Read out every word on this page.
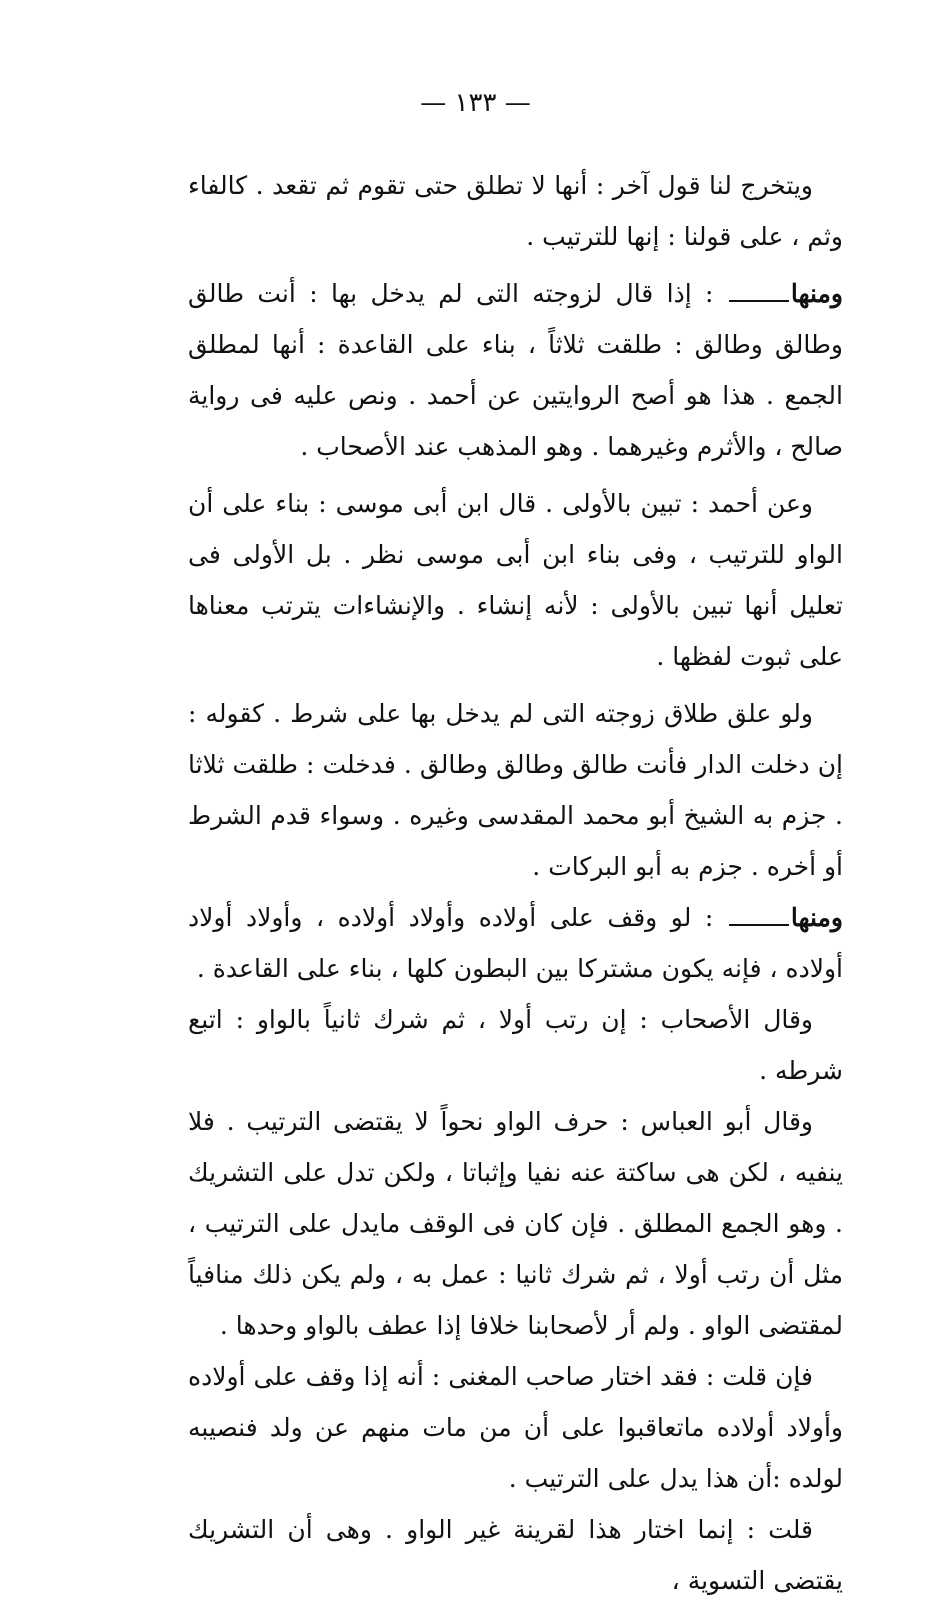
— ١٣٣ —

ويتخرج لنا قول آخر : أنها لا تطلق حتى تقوم ثم تقعد . كالفاء وثم ، على قولنا : إنها للترتيب .

ومنها : إذا قال لزوجته التى لم يدخل بها : أنت طالق وطالق وطالق : طلقت ثلاثاً ، بناء على القاعدة : أنها لمطلق الجمع . هذا هو أصح الروايتين عن أحمد . ونص عليه فى رواية صالح ، والأثرم وغيرهما . وهو المذهب عند الأصحاب .

وعن أحمد : تبين بالأولى . قال ابن أبى موسى : بناء على أن الواو للترتيب ، وفى بناء ابن أبى موسى نظر . بل الأولى فى تعليل أنها تبين بالأولى : لأنه إنشاء . والإنشاءات يترتب معناها على ثبوت لفظها .

ولو علق طلاق زوجته التى لم يدخل بها على شرط . كقوله : إن دخلت الدار فأنت طالق وطالق وطالق . فدخلت : طلقت ثلاثا . جزم به الشيخ أبو محمد المقدسى وغيره . وسواء قدم الشرط أو أخره . جزم به أبو البركات .

ومنها : لو وقف على أولاده وأولاد أولاده ، وأولاد أولاد أولاده ، فإنه يكون مشتركا بين البطون كلها ، بناء على القاعدة .

وقال الأصحاب : إن رتب أولا ، ثم شرك ثانياً بالواو : اتبع شرطه .

وقال أبو العباس : حرف الواو نحواً لا يقتضى الترتيب . فلا ينفيه ، لكن هى ساكتة عنه نفيا وإثباتا ، ولكن تدل على التشريك . وهو الجمع المطلق . فإن كان فى الوقف مايدل على الترتيب ، مثل أن رتب أولا ، ثم شرك ثانيا : عمل به ، ولم يكن ذلك منافياً لمقتضى الواو . ولم أر لأصحابنا خلافا إذا عطف بالواو وحدها .

فإن قلت : فقد اختار صاحب المغنى : أنه إذا وقف على أولاده وأولاد أولاده ماتعاقبوا على أن من مات منهم عن ولد فنصيبه لولده :أن هذا يدل على الترتيب .

قلت : إنما اختار هذا لقرينة غير الواو . وهى أن التشريك يقتضى التسوية ،
